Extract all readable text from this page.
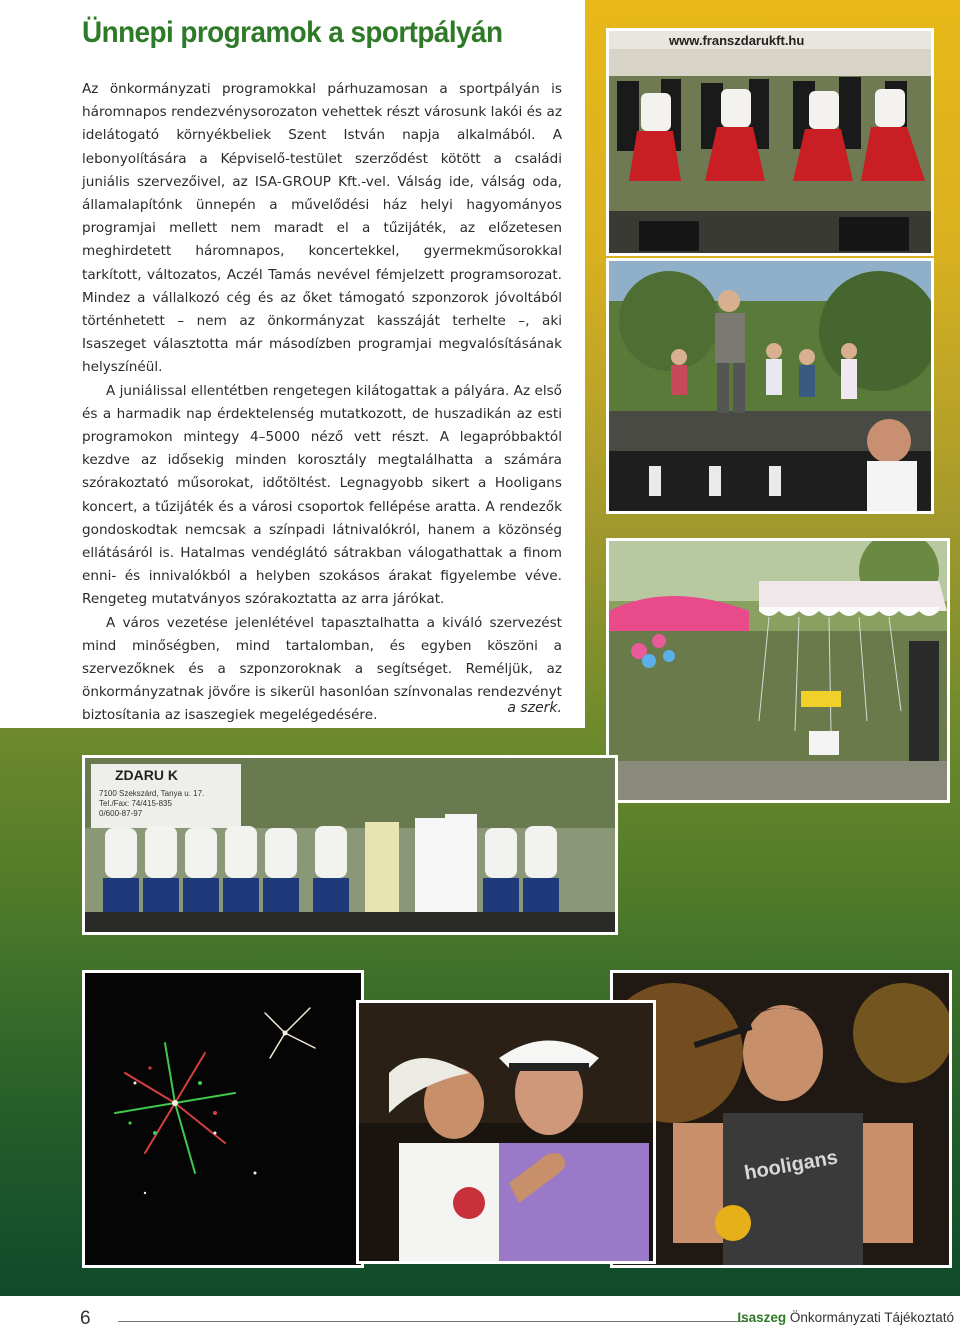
Ünnepi programok a sportpályán

Az önkormányzati programokkal párhuzamosan a sportpályán is háromnapos rendezvénysorozaton vehettek részt városunk lakói és az idelátogató környékbeliek Szent István napja alkalmából. A lebonyolítására a Képviselő-testület szerződést kötött a családi juniális szervezőivel, az ISA-GROUP Kft.-vel. Válság ide, válság oda, államalapítónk ünnepén a művelődési ház helyi hagyományos programjai mellett nem maradt el a tűzijáték, az előzetesen meghirdetett háromnapos, koncertekkel, gyermekműsorokkal tarkított, változatos, Aczél Tamás nevével fémjelzett programsorozat. Mindez a vállalkozó cég és az őket támogató szponzorok jóvoltából történhetett – nem az önkormányzat kasszáját terhelte –, aki Isaszeget választotta már másodízben programjai megvalósításának helyszínéül.

A juniálissal ellentétben rengetegen kilátogattak a pályára. Az első és a harmadik nap érdektelenség mutatkozott, de huszadikán az esti programokon mintegy 4–5000 néző vett részt. A legapróbbaktól kezdve az idősekig minden korosztály megtalálhatta a számára szórakoztató műsorokat, időtöltést. Legnagyobb sikert a Hooligans koncert, a tűzijáték és a városi csoportok fellépése aratta. A rendezők gondoskodtak nemcsak a színpadi látnivalókról, hanem a közönség ellátásáról is. Hatalmas vendéglátó sátrakban válogathattak a finom enni- és innivalókból a helyben szokásos árakat figyelembe véve. Rengeteg mutatványos szórakoztatta az arra járókat.

A város vezetése jelenlétével tapasztalhatta a kiváló szervezést mind minőségben, mind tartalomban, és egyben köszöni a szervezőknek és a szponzoroknak a segítséget. Reméljük, az önkormányzatnak jövőre is sikerül hasonlóan színvonalas rendezvényt biztosítania az isaszegiek megelégedésére.	a szerk.
www.franszdarukft.hu
ZDARU K
7100 Szekszárd, Tanya u. 17.
Tel./Fax: 74/415-835
0/600-87-97
hooligans
6	Isaszeg Önkormányzati Tájékoztató
